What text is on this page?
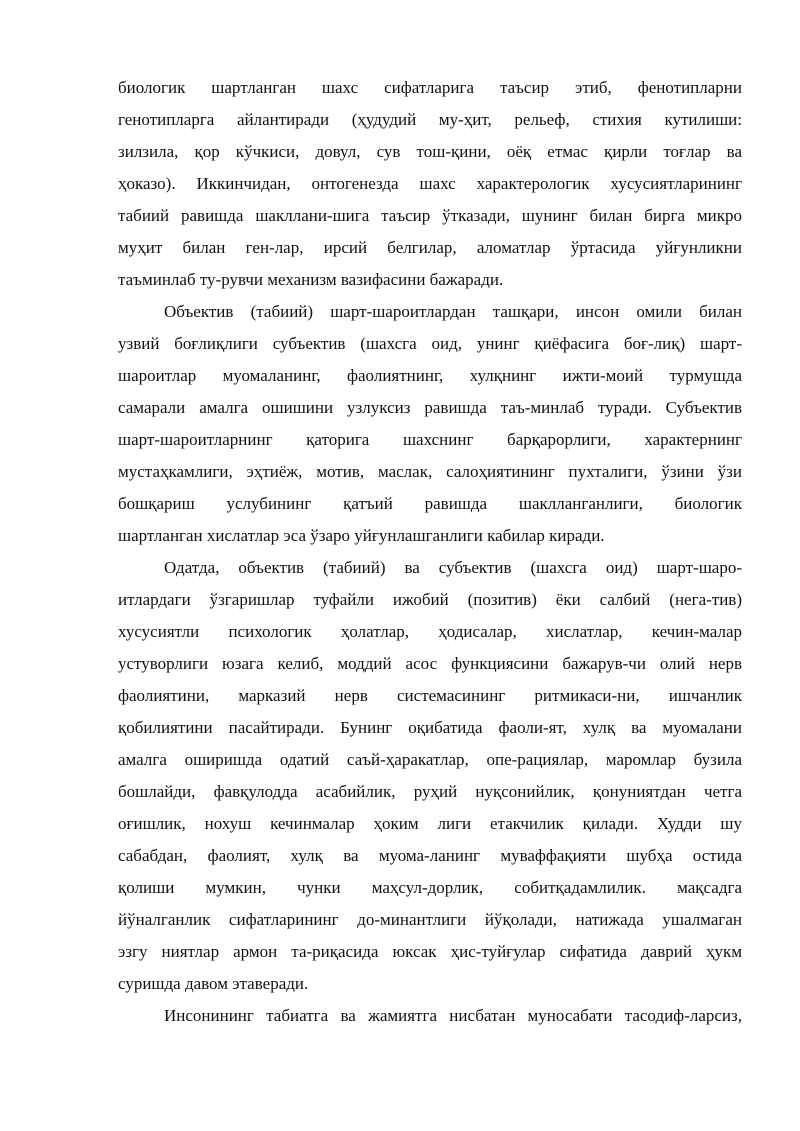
биологик шартланган шахс сифатларига таъсир этиб, фенотипларни
генотипларга айлантиради (ҳудудий му-ҳит, рельеф, стихия кутилиши:
зилзила, қор кўчкиси, довул, сув тош-қини, оёқ етмас қирли тоғлар ва
ҳоказо). Иккинчидан, онтогенезда шахс характерологик хусусиятларининг
табиий равишда шакллани-шига таъсир ўтказади, шунинг билан бирга микро
муҳит билан ген-лар, ирсий белгилар, аломатлар ўртасида уйғунликни
таъминлаб ту-рувчи механизм вазифасини бажаради.
Объектив (табиий) шарт-шароитлардан ташқари, инсон омили билан
узвий боғлиқлиги субъектив (шахсга оид, унинг қиёфасига боғ-лиқ) шарт-
шароитлар муомаланинг, фаолиятнинг, хулқнинг ижти-моий турмушда
самарали амалга ошишини узлуксиз равишда таъ-минлаб туради. Субъектив
шарт-шароитларнинг қаторига шахснинг барқарорлиги, характернинг
мустаҳкамлиги, эҳтиёж, мотив, маслак, салоҳиятининг пухталиги, ўзини ўзи
бошқариш услубининг қатъий равишда шаклланганлиги, биологик
шартланган хислатлар эса ўзаро уйғунлашганлиги кабилар киради.
Одатда, объектив (табиий) ва субъектив (шахсга оид) шарт-шаро-
итлардаги ўзгаришлар туфайли ижобий (позитив) ёки салбий (нега-тив)
хусусиятли психологик ҳолатлар, ҳодисалар, хислатлар, кечин-малар
устуворлиги юзага келиб, моддий асос функциясини бажарув-чи олий нерв
фаолиятини, марказий нерв системасининг ритмикаси-ни, ишчанлик
қобилиятини пасайтиради. Бунинг оқибатида фаоли-ят, хулқ ва муомалани
амалга оширишда одатий саъй-ҳаракатлар, опе-рациялар, маромлар бузила
бошлайди, фавқулодда асабийлик, руҳий нуқсонийлик, қонуниятдан четга
оғишлик, нохуш кечинмалар ҳоким лиги етакчилик қилади. Худди шу
сабабдан, фаолият, хулқ ва муома-ланинг муваффақияти шубҳа остида
қолиши мумкин, чунки маҳсул-дорлик, собитқадамлилик. мақсадга
йўналганлик сифатларининг до-минантлиги йўқолади, натижада ушалмаган
эзгу ниятлар армон та-риқасида юксак ҳис-туйғулар сифатида даврий ҳукм
суришда давом этаверади.
Инсонининг табиатга ва жамиятга нисбатан муносабати тасодиф-ларсиз,
